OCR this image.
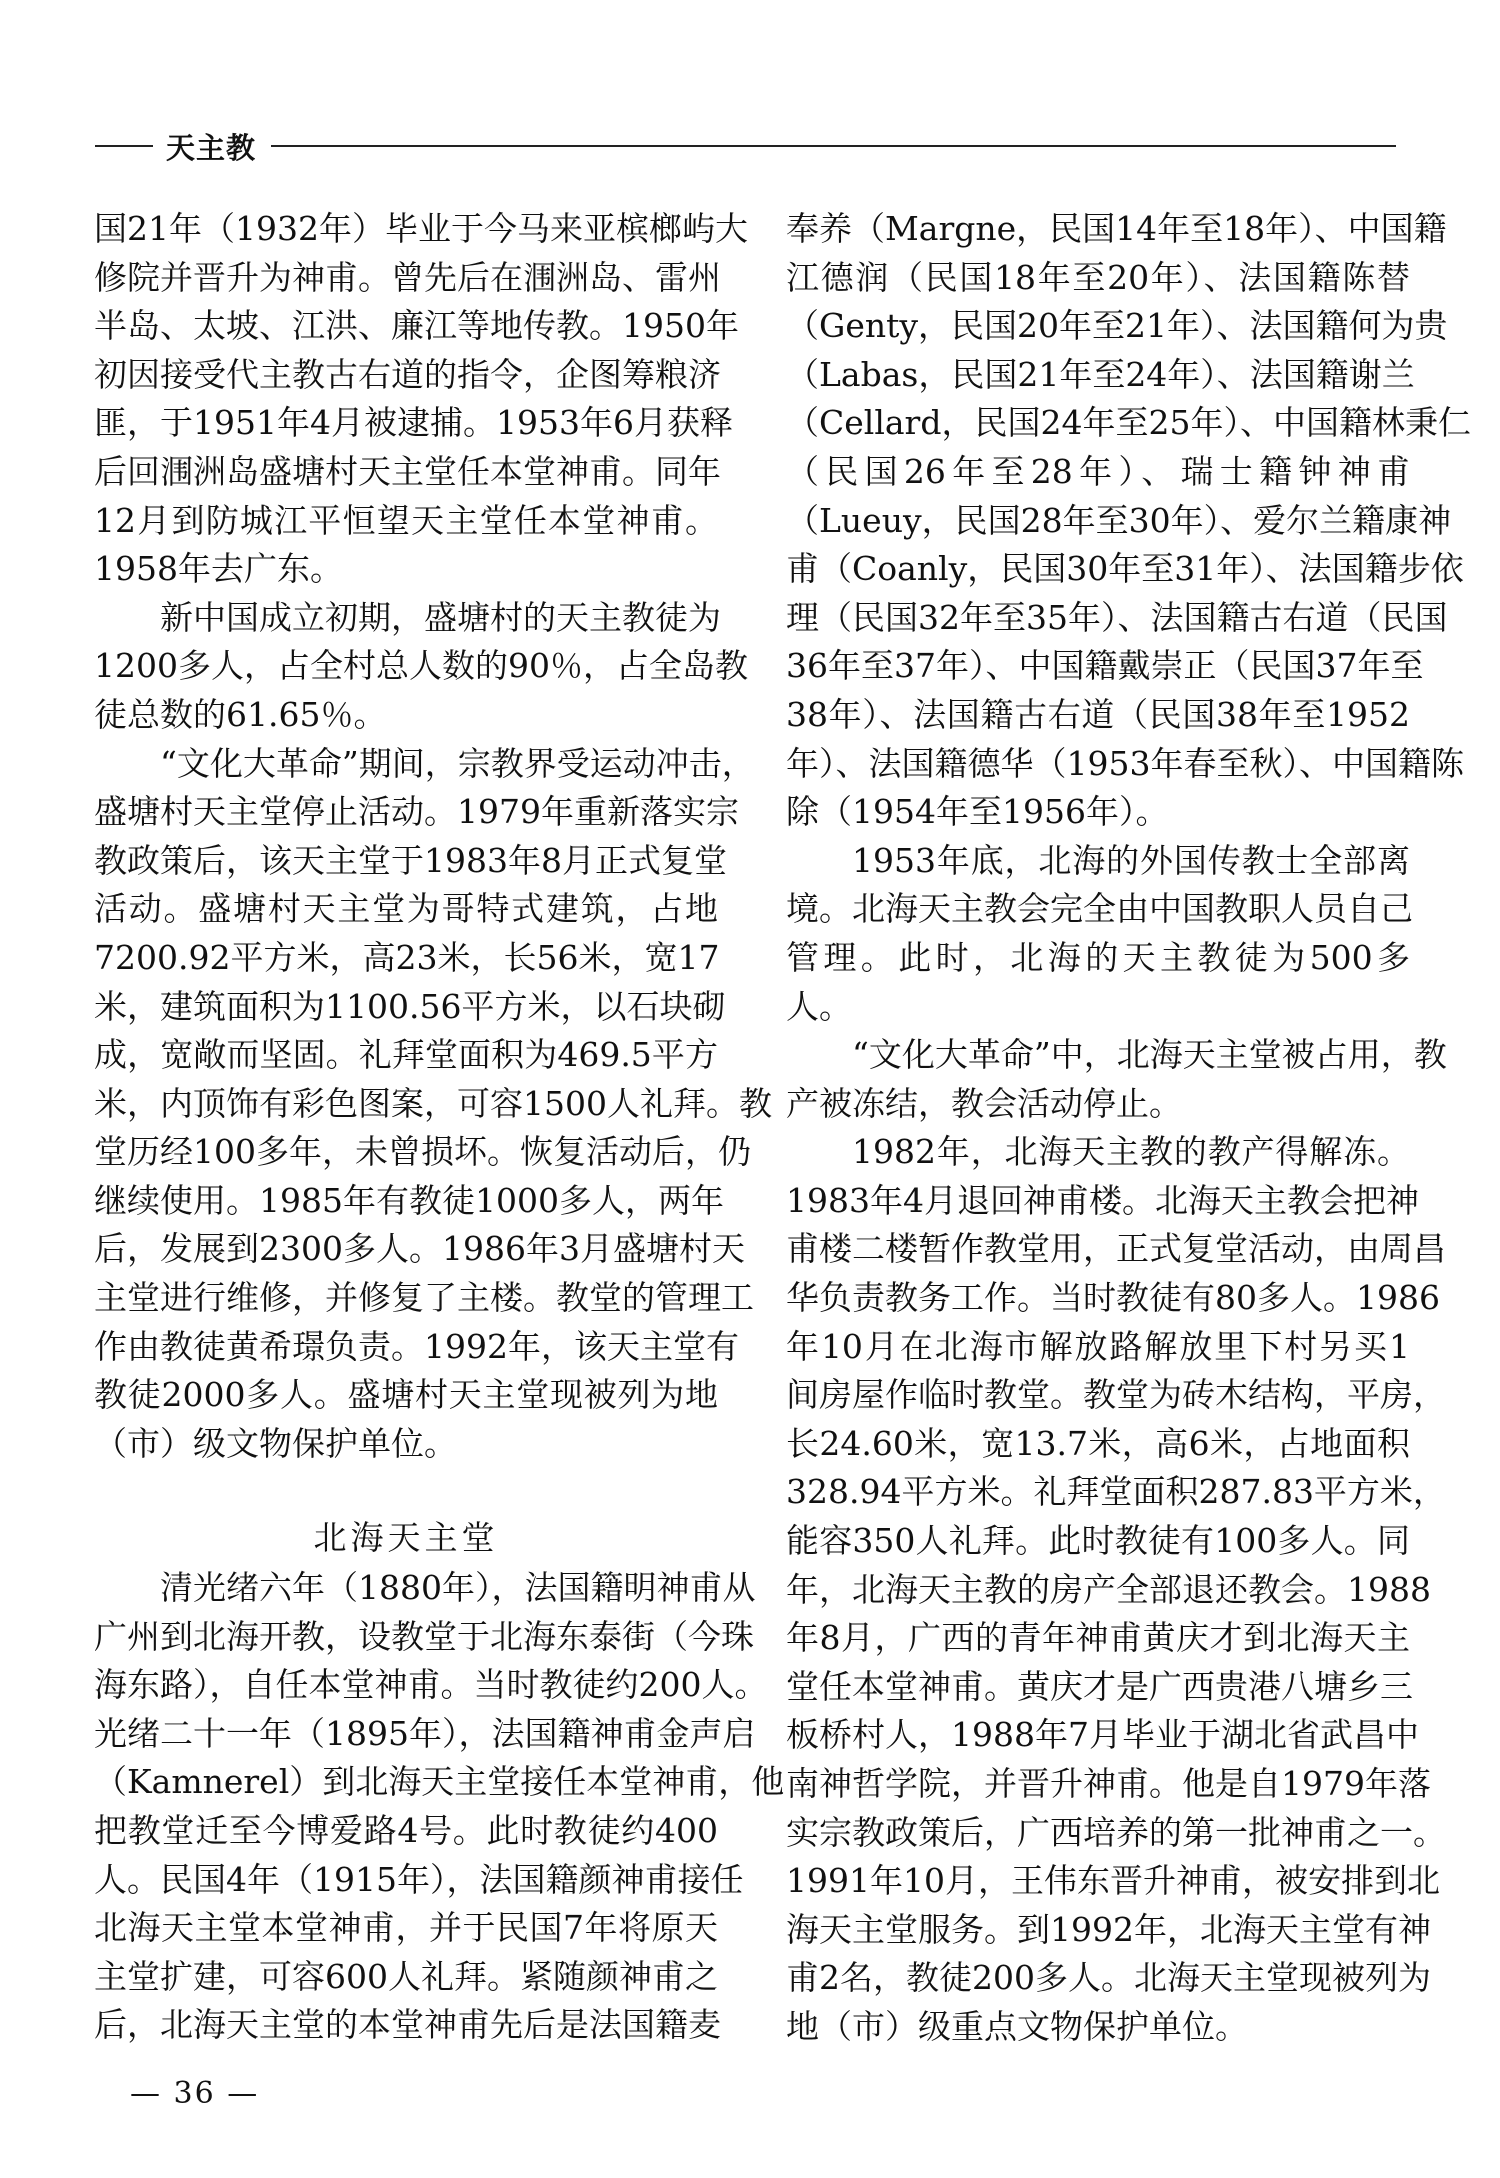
天主教
国21年（1932年）毕业于今马来亚槟榔屿大
修院并晋升为神甫。曾先后在涠洲岛、雷州
半岛、太坡、江洪、廉江等地传教。1950年
初因接受代主教古右道的指令，企图筹粮济
匪，于1951年4月被逮捕。1953年6月获释
后回涠洲岛盛塘村天主堂任本堂神甫。同年
12月到防城江平恒望天主堂任本堂神甫。
1958年去广东。
新中国成立初期，盛塘村的天主教徒为
1200多人，占全村总人数的90％，占全岛教
徒总数的61.65％。
“文化大革命”期间，宗教界受运动冲击，
盛塘村天主堂停止活动。1979年重新落实宗
教政策后，该天主堂于1983年8月正式复堂
活动。盛塘村天主堂为哥特式建筑，占地
7200.92平方米，高23米，长56米，宽17
米，建筑面积为1100.56平方米，以石块砌
成，宽敞而坚固。礼拜堂面积为469.5平方
米，内顶饰有彩色图案，可容1500人礼拜。教
堂历经100多年，未曾损坏。恢复活动后，仍
继续使用。1985年有教徒1000多人，两年
后，发展到2300多人。1986年3月盛塘村天
主堂进行维修，并修复了主楼。教堂的管理工
作由教徒黄希璟负责。1992年，该天主堂有
教徒2000多人。盛塘村天主堂现被列为地
（市）级文物保护单位。
北海天主堂
清光绪六年（1880年），法国籍明神甫从
广州到北海开教，设教堂于北海东泰街（今珠
海东路），自任本堂神甫。当时教徒约200人。
光绪二十一年（1895年），法国籍神甫金声启
（Kamnerel）到北海天主堂接任本堂神甫，他
把教堂迁至今博爱路4号。此时教徒约400
人。民国4年（1915年），法国籍颜神甫接任
北海天主堂本堂神甫，并于民国7年将原天
主堂扩建，可容600人礼拜。紧随颜神甫之
后，北海天主堂的本堂神甫先后是法国籍麦
奉养（Margne，民国14年至18年）、中国籍
江德润（民国18年至20年）、法国籍陈替
（Genty，民国20年至21年）、法国籍何为贵
（Labas，民国21年至24年）、法国籍谢兰
（Cellard，民国24年至25年）、中国籍林秉仁
（民国26年至28年）、瑞士籍钟神甫
（Lueuy，民国28年至30年）、爱尔兰籍康神
甫（Coanly，民国30年至31年）、法国籍步依
理（民国32年至35年）、法国籍古右道（民国
36年至37年）、中国籍戴崇正（民国37年至
38年）、法国籍古右道（民国38年至1952
年）、法国籍德华（1953年春至秋）、中国籍陈
除（1954年至1956年）。
1953年底，北海的外国传教士全部离
境。北海天主教会完全由中国教职人员自己
管理。此时，北海的天主教徒为500多
人。
“文化大革命”中，北海天主堂被占用，教
产被冻结，教会活动停止。
1982年，北海天主教的教产得解冻。
1983年4月退回神甫楼。北海天主教会把神
甫楼二楼暂作教堂用，正式复堂活动，由周昌
华负责教务工作。当时教徒有80多人。1986
年10月在北海市解放路解放里下村另买1
间房屋作临时教堂。教堂为砖木结构，平房，
长24.60米，宽13.7米，高6米，占地面积
328.94平方米。礼拜堂面积287.83平方米，
能容350人礼拜。此时教徒有100多人。同
年，北海天主教的房产全部退还教会。1988
年8月，广西的青年神甫黄庆才到北海天主
堂任本堂神甫。黄庆才是广西贵港八塘乡三
板桥村人，1988年7月毕业于湖北省武昌中
南神哲学院，并晋升神甫。他是自1979年落
实宗教政策后，广西培养的第一批神甫之一。
1991年10月，王伟东晋升神甫，被安排到北
海天主堂服务。到1992年，北海天主堂有神
甫2名，教徒200多人。北海天主堂现被列为
地（市）级重点文物保护单位。
— 36 —
